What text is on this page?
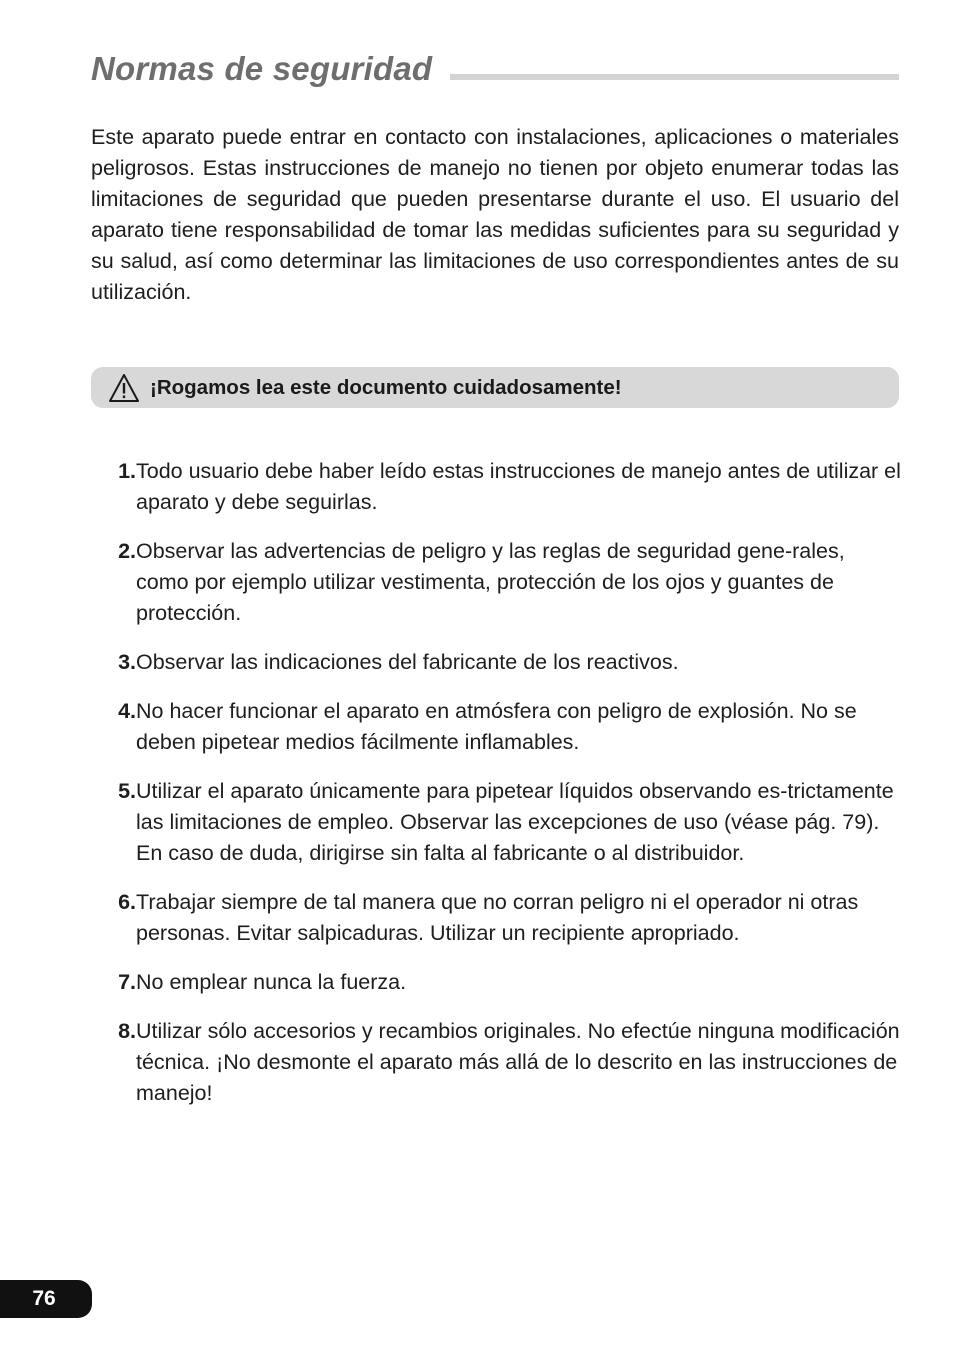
Normas de seguridad

Este aparato puede entrar en contacto con instalaciones, aplicaciones o materiales peligrosos. Estas instrucciones de manejo no tienen por objeto enumerar todas las limitaciones de seguridad que pueden presentarse durante el uso. El usuario del aparato tiene responsabilidad de tomar las medidas suficientes para su seguridad y su salud, así como determinar las limitaciones de uso correspondientes antes de su utilización.

¡Rogamos lea este documento cuidadosamente!
1. Todo usuario debe haber leído estas instrucciones de manejo antes de utilizar el aparato y debe seguirlas.
2. Observar las advertencias de peligro y las reglas de seguridad gene-rales, como por ejemplo utilizar vestimenta, protección de los ojos y guantes de protección.
3. Observar las indicaciones del fabricante de los reactivos.
4. No hacer funcionar el aparato en atmósfera con peligro de explosión. No se deben pipetear medios fácilmente inflamables.
5. Utilizar el aparato únicamente para pipetear líquidos observando es-trictamente las limitaciones de empleo. Observar las excepciones de uso (véase pág. 79). En caso de duda, dirigirse sin falta al fabricante o al distribuidor.
6. Trabajar siempre de tal manera que no corran peligro ni el operador ni otras personas. Evitar salpicaduras. Utilizar un recipiente apropriado.
7. No emplear nunca la fuerza.
8. Utilizar sólo accesorios y recambios originales. No efectúe ninguna modificación técnica. ¡No desmonte el aparato más allá de lo descrito en las instrucciones de manejo!
76
